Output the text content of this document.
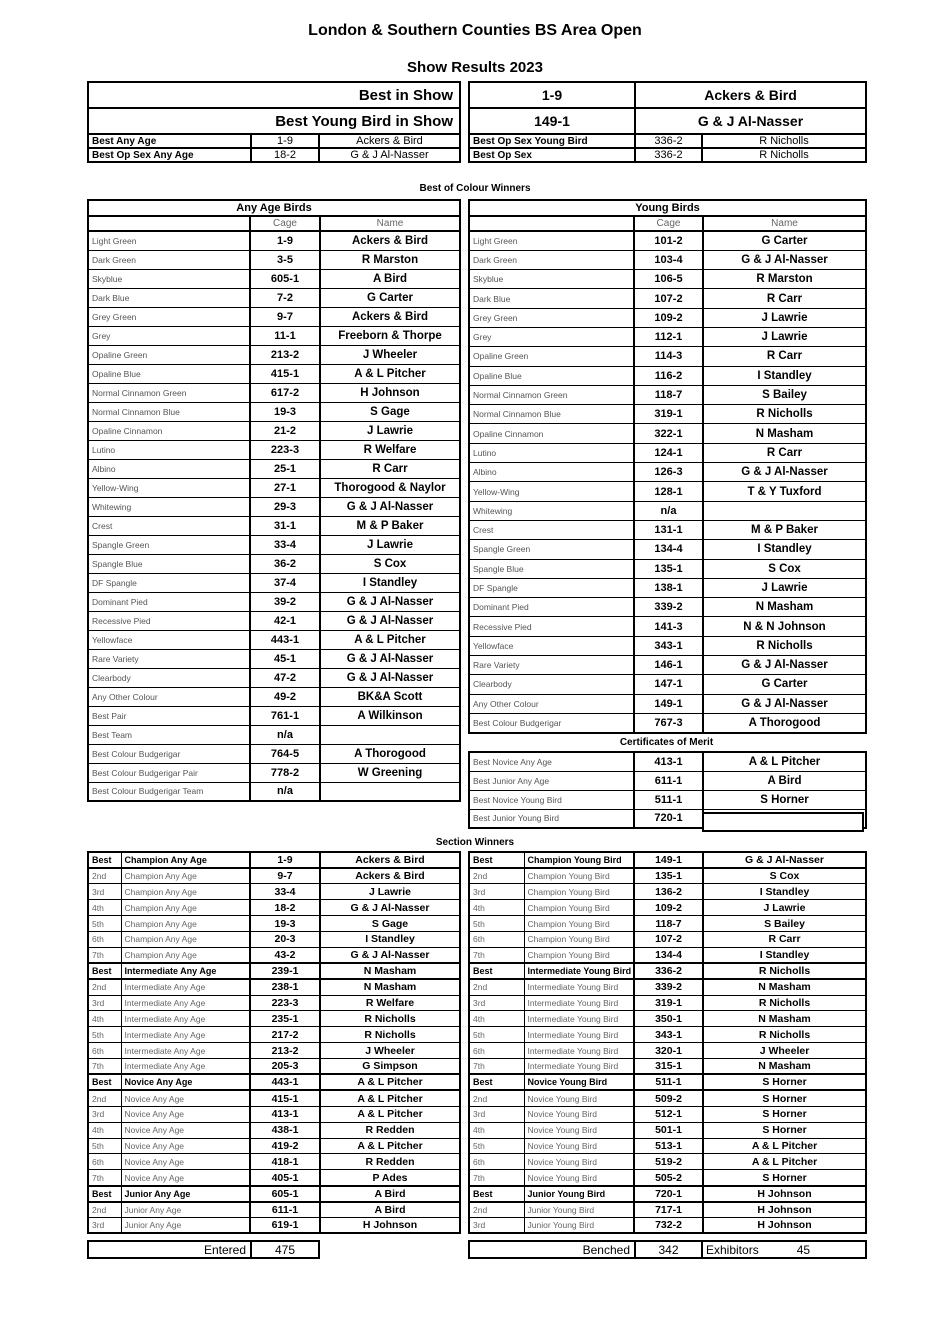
London & Southern Counties BS Area Open
Show Results 2023
Best in Show		
Best Young Bird in Show		
Best Any Age	1-9	Ackers & Bird
Best Op Sex Any Age	18-2	G & J Al-Nasser
1-9	Ackers & Bird	
149-1	G & J Al-Nasser	
Best Op Sex Young Bird	336-2	R Nicholls
Best Op Sex	336-2	R Nicholls
Best of Colour Winners
Any Age Birds		
	Cage	Name
Light Green	1-9	Ackers & Bird
Dark Green	3-5	R Marston
Skyblue	605-1	A Bird
Dark Blue	7-2	G Carter
Grey Green	9-7	Ackers & Bird
Grey	11-1	Freeborn & Thorpe
Opaline Green	213-2	J Wheeler
Opaline Blue	415-1	A & L Pitcher
Normal Cinnamon Green	617-2	H Johnson
Normal Cinnamon Blue	19-3	S Gage
Opaline Cinnamon	21-2	J Lawrie
Lutino	223-3	R Welfare
Albino	25-1	R Carr
Yellow-Wing	27-1	Thorogood & Naylor
Whitewing	29-3	G & J Al-Nasser
Crest	31-1	M & P Baker
Spangle Green	33-4	J Lawrie
Spangle Blue	36-2	S Cox
DF Spangle	37-4	I Standley
Dominant Pied	39-2	G & J Al-Nasser
Recessive Pied	42-1	G & J Al-Nasser
Yellowface	443-1	A & L Pitcher
Rare Variety	45-1	G & J Al-Nasser
Clearbody	47-2	G & J Al-Nasser
Any Other Colour	49-2	BK&A Scott
Best Pair	761-1	A Wilkinson
Best Team	n/a	
Best Colour Budgerigar	764-5	A Thorogood
Best Colour Budgerigar Pair	778-2	W Greening
Best Colour Budgerigar Team	n/a	
Young Birds		
	Cage	Name
Light Green	101-2	G Carter
Dark Green	103-4	G & J Al-Nasser
Skyblue	106-5	R Marston
Dark Blue	107-2	R Carr
Grey Green	109-2	J Lawrie
Grey	112-1	J Lawrie
Opaline Green	114-3	R Carr
Opaline Blue	116-2	I Standley
Normal Cinnamon Green	118-7	S Bailey
Normal Cinnamon Blue	319-1	R Nicholls
Opaline Cinnamon	322-1	N Masham
Lutino	124-1	R Carr
Albino	126-3	G & J Al-Nasser
Yellow-Wing	128-1	T & Y Tuxford
Whitewing	n/a	
Crest	131-1	M & P Baker
Spangle Green	134-4	I Standley
Spangle Blue	135-1	S Cox
DF Spangle	138-1	J Lawrie
Dominant Pied	339-2	N Masham
Recessive Pied	141-3	N & N Johnson
Yellowface	343-1	R Nicholls
Rare Variety	146-1	G & J Al-Nasser
Clearbody	147-1	G Carter
Any Other Colour	149-1	G & J Al-Nasser
Best Colour Budgerigar	767-3	A Thorogood
Certificates of Merit
Best Novice Any Age	413-1	A & L Pitcher
Best Junior Any Age	611-1	A Bird
Best Novice Young Bird	511-1	S Horner
Best Junior Young Bird	720-1	
Section Winners
Best	Champion Any Age	1-9	Ackers & Bird
2nd	Champion Any Age	9-7	Ackers & Bird
3rd	Champion Any Age	33-4	J Lawrie
4th	Champion Any Age	18-2	G & J Al-Nasser
5th	Champion Any Age	19-3	S Gage
6th	Champion Any Age	20-3	I Standley
7th	Champion Any Age	43-2	G & J Al-Nasser
Best	Intermediate Any Age	239-1	N Masham
2nd	Intermediate Any Age	238-1	N Masham
3rd	Intermediate Any Age	223-3	R Welfare
4th	Intermediate Any Age	235-1	R Nicholls
5th	Intermediate Any Age	217-2	R Nicholls
6th	Intermediate Any Age	213-2	J Wheeler
7th	Intermediate Any Age	205-3	G Simpson
Best	Novice Any Age	443-1	A & L Pitcher
2nd	Novice Any Age	415-1	A & L Pitcher
3rd	Novice Any Age	413-1	A & L Pitcher
4th	Novice Any Age	438-1	R Redden
5th	Novice Any Age	419-2	A & L Pitcher
6th	Novice Any Age	418-1	R Redden
7th	Novice Any Age	405-1	P Ades
Best	Junior Any Age	605-1	A Bird
2nd	Junior Any Age	611-1	A Bird
3rd	Junior Any Age	619-1	H Johnson
Best	Champion Young Bird	149-1	G & J Al-Nasser
2nd	Champion Young Bird	135-1	S Cox
3rd	Champion Young Bird	136-2	I Standley
4th	Champion Young Bird	109-2	J Lawrie
5th	Champion Young Bird	118-7	S Bailey
6th	Champion Young Bird	107-2	R Carr
7th	Champion Young Bird	134-4	I Standley
Best	Intermediate Young Bird	336-2	R Nicholls
2nd	Intermediate Young Bird	339-2	N Masham
3rd	Intermediate Young Bird	319-1	R Nicholls
4th	Intermediate Young Bird	350-1	N Masham
5th	Intermediate Young Bird	343-1	R Nicholls
6th	Intermediate Young Bird	320-1	J Wheeler
7th	Intermediate Young Bird	315-1	N Masham
Best	Novice Young Bird	511-1	S Horner
2nd	Novice Young Bird	509-2	S Horner
3rd	Novice Young Bird	512-1	S Horner
4th	Novice Young Bird	501-1	S Horner
5th	Novice Young Bird	513-1	A & L Pitcher
6th	Novice Young Bird	519-2	A & L Pitcher
7th	Novice Young Bird	505-2	S Horner
Best	Junior Young Bird	720-1	H Johnson
2nd	Junior Young Bird	717-1	H Johnson
3rd	Junior Young Bird	732-2	H Johnson
Entered	475	Benched	342	Exhibitors	45
